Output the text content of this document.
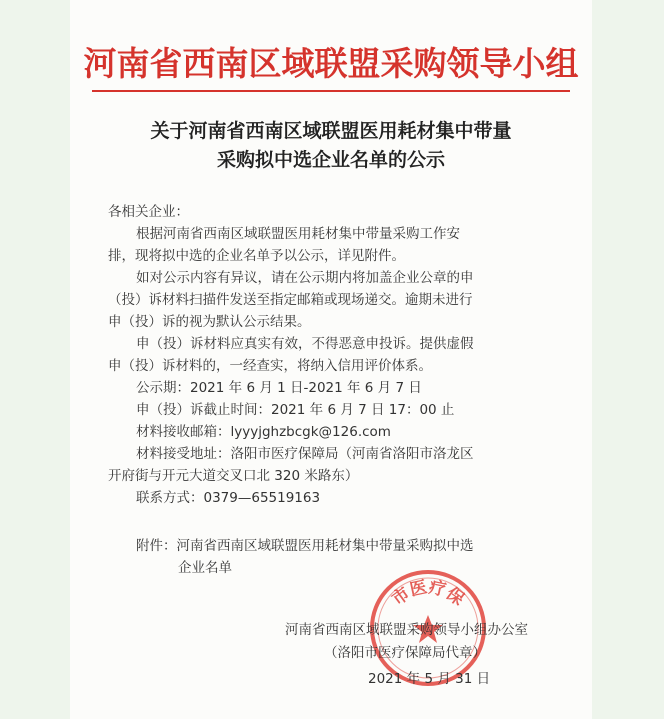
河南省西南区域联盟采购领导小组
关于河南省西南区域联盟医用耗材集中带量
采购拟中选企业名单的公示
各相关企业：
根据河南省西南区域联盟医用耗材集中带量采购工作安
排，现将拟中选的企业名单予以公示，详见附件。
如对公示内容有异议，请在公示期内将加盖企业公章的申
（投）诉材料扫描件发送至指定邮箱或现场递交。逾期未进行
申（投）诉的视为默认公示结果。
申（投）诉材料应真实有效，不得恶意申投诉。提供虚假
申（投）诉材料的，一经查实，将纳入信用评价体系。
公示期：2021 年 6 月 1 日-2021 年 6 月 7 日
申（投）诉截止时间：2021 年 6 月 7 日 17：00 止
材料接收邮箱：lyyyjghzbcgk@126.com
材料接受地址：洛阳市医疗保障局（河南省洛阳市洛龙区
开府街与开元大道交叉口北 320 米路东）
联系方式：0379—65519163
附件：河南省西南区域联盟医用耗材集中带量采购拟中选
企业名单
市医疗保
河南省西南区域联盟采购领导小组办公室
（洛阳市医疗保障局代章）
2021 年 5 月 31 日
